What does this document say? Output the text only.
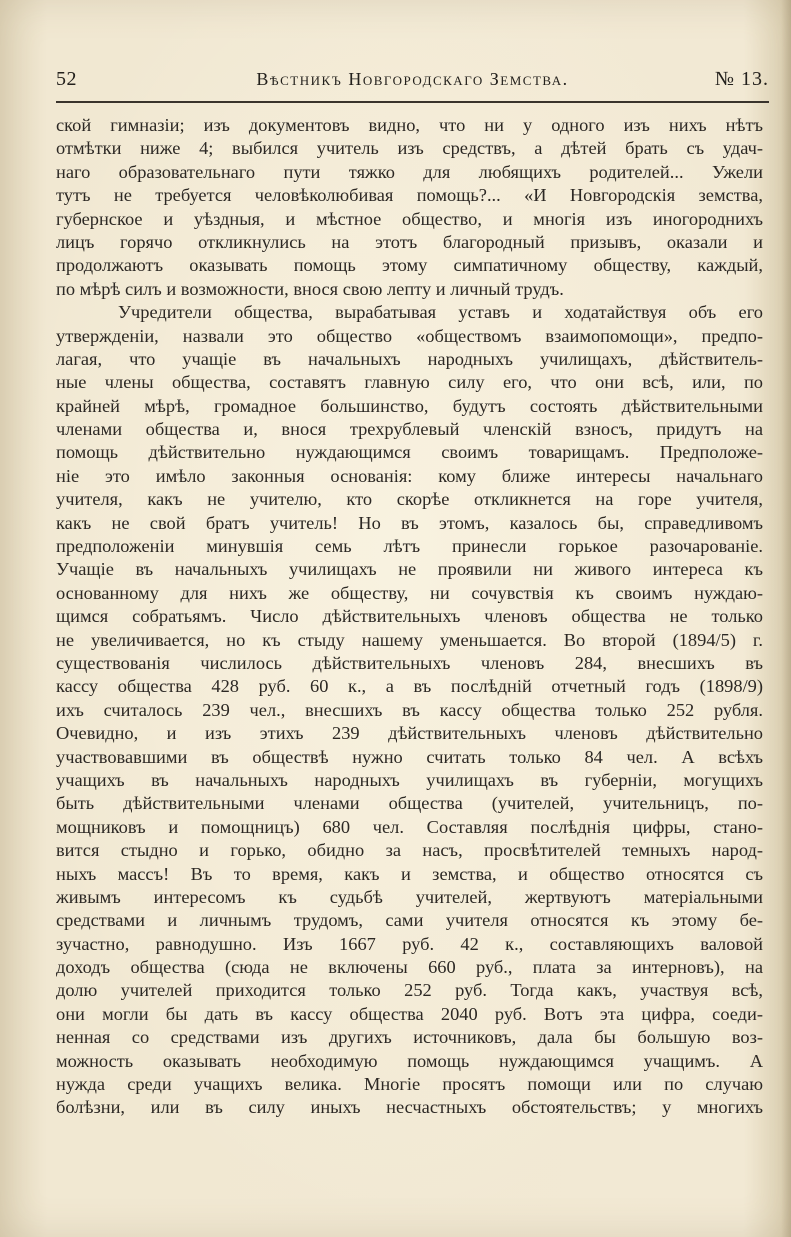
52	Вѣстникъ Новгородскаго Земства.	№ 13.
ской гимназіи; изъ документовъ видно, что ни у одного изъ нихъ нѣтъ
отмѣтки ниже 4; выбился учитель изъ средствъ, а дѣтей брать съ удач-
наго образовательнаго пути тяжко для любящихъ родителей... Ужели
тутъ не требуется человѣколюбивая помощь?... «И Новгородскія земства,
губернское и уѣздныя, и мѣстное общество, и многія изъ иногороднихъ
лицъ горячо откликнулись на этотъ благородный призывъ, оказали и
продолжаютъ оказывать помощь этому симпатичному обществу, каждый,
по мѣрѣ силъ и возможности, внося свою лепту и личный трудъ.
Учредители общества, вырабатывая уставъ и ходатайствуя объ его
утвержденіи, назвали это общество «обществомъ взаимопомощи», предпо-
лагая, что учащіе въ начальныхъ народныхъ училищахъ, дѣйствитель-
ные члены общества, составятъ главную силу его, что они всѣ, или, по
крайней мѣрѣ, громадное большинство, будутъ состоять дѣйствительными
членами общества и, внося трехрублевый членскій взносъ, придутъ на
помощь дѣйствительно нуждающимся своимъ товарищамъ. Предположе-
ніе это имѣло законныя основанія: кому ближе интересы начальнаго
учителя, какъ не учителю, кто скорѣе откликнется на горе учителя,
какъ не свой братъ учитель! Но въ этомъ, казалось бы, справедливомъ
предположеніи минувшія семь лѣтъ принесли горькое разочарованіе.
Учащіе въ начальныхъ училищахъ не проявили ни живого интереса къ
основанному для нихъ же обществу, ни сочувствія къ своимъ нуждаю-
щимся собратьямъ. Число дѣйствительныхъ членовъ общества не только
не увеличивается, но къ стыду нашему уменьшается. Во второй (1894/5) г.
существованія числилось дѣйствительныхъ членовъ 284, внесшихъ въ
кассу общества 428 руб. 60 к., а въ послѣдній отчетный годъ (1898/9)
ихъ считалось 239 чел., внесшихъ въ кассу общества только 252 рубля.
Очевидно, и изъ этихъ 239 дѣйствительныхъ членовъ дѣйствительно
участвовавшими въ обществѣ нужно считать только 84 чел. А всѣхъ
учащихъ въ начальныхъ народныхъ училищахъ въ губерніи, могущихъ
быть дѣйствительными членами общества (учителей, учительницъ, по-
мощниковъ и помощницъ) 680 чел. Составляя послѣднія цифры, стано-
вится стыдно и горько, обидно за насъ, просвѣтителей темныхъ народ-
ныхъ массъ! Въ то время, какъ и земства, и общество относятся съ
живымъ интересомъ къ судьбѣ учителей, жертвуютъ матеріальными
средствами и личнымъ трудомъ, сами учителя относятся къ этому бе-
зучастно, равнодушно. Изъ 1667 руб. 42 к., составляющихъ валовой
доходъ общества (сюда не включены 660 руб., плата за интерновъ), на
долю учителей приходится только 252 руб. Тогда какъ, участвуя всѣ,
они могли бы дать въ кассу общества 2040 руб. Вотъ эта цифра, соеди-
ненная со средствами изъ другихъ источниковъ, дала бы большую воз-
можность оказывать необходимую помощь нуждающимся учащимъ. А
нужда среди учащихъ велика. Многіе просятъ помощи или по случаю
болѣзни, или въ силу иныхъ несчастныхъ обстоятельствъ; у многихъ
